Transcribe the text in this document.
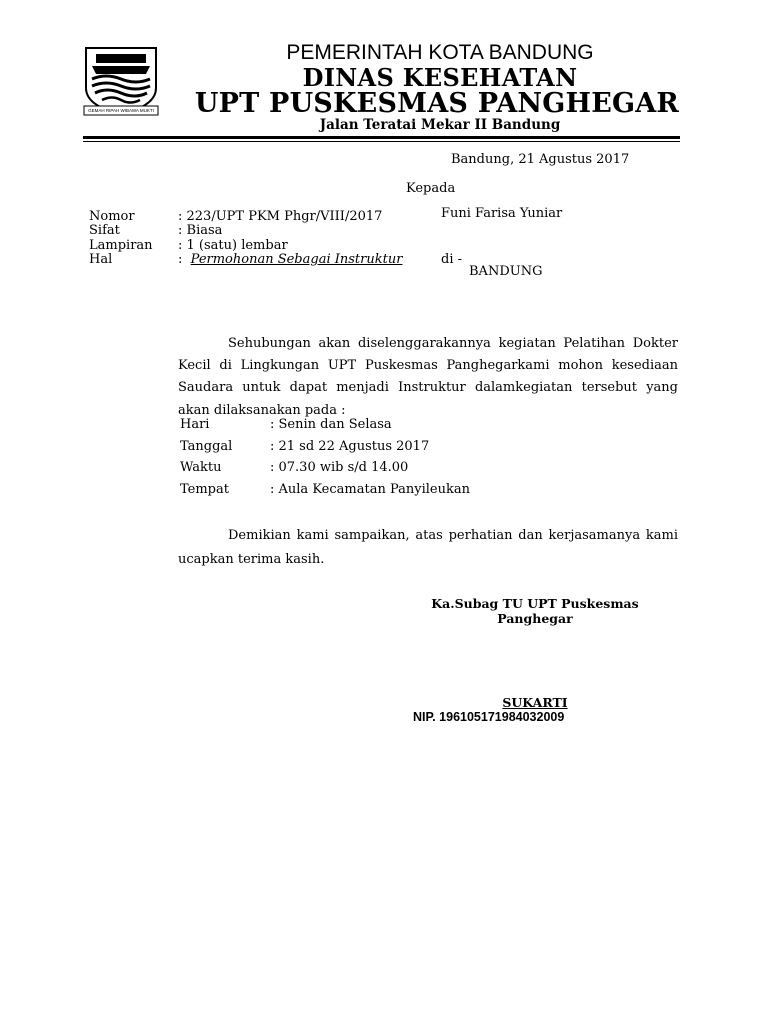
GEMAH RIPAH WIBAWA MUKTI
PEMERINTAH KOTA BANDUNG
DINAS KESEHATAN
UPT PUSKESMAS PANGHEGAR
Jalan Teratai Mekar II Bandung
Bandung, 21 Agustus 2017
Kepada
Funi Farisa Yuniar
di -
BANDUNG
Nomor	: 223/UPT PKM Phgr/VIII/2017
Sifat	: Biasa
Lampiran : 1 (satu) lembar
Hal	: Permohonan Sebagai Instruktur
Sehubungan akan diselenggarakannya kegiatan Pelatihan Dokter Kecil di Lingkungan UPT Puskesmas Panghegarkami mohon kesediaan Saudara untuk dapat menjadi Instruktur dalamkegiatan tersebut yang akan dilaksanakan pada :
Hari	: Senin dan Selasa
Tanggal	: 21 sd 22 Agustus 2017
Waktu	: 07.30 wib s/d 14.00
Tempat	: Aula Kecamatan Panyileukan
Demikian kami sampaikan, atas perhatian dan kerjasamanya kami ucapkan terima kasih.
Ka.Subag TU UPT Puskesmas
Panghegar
SUKARTI
NIP. 196105171984032009
